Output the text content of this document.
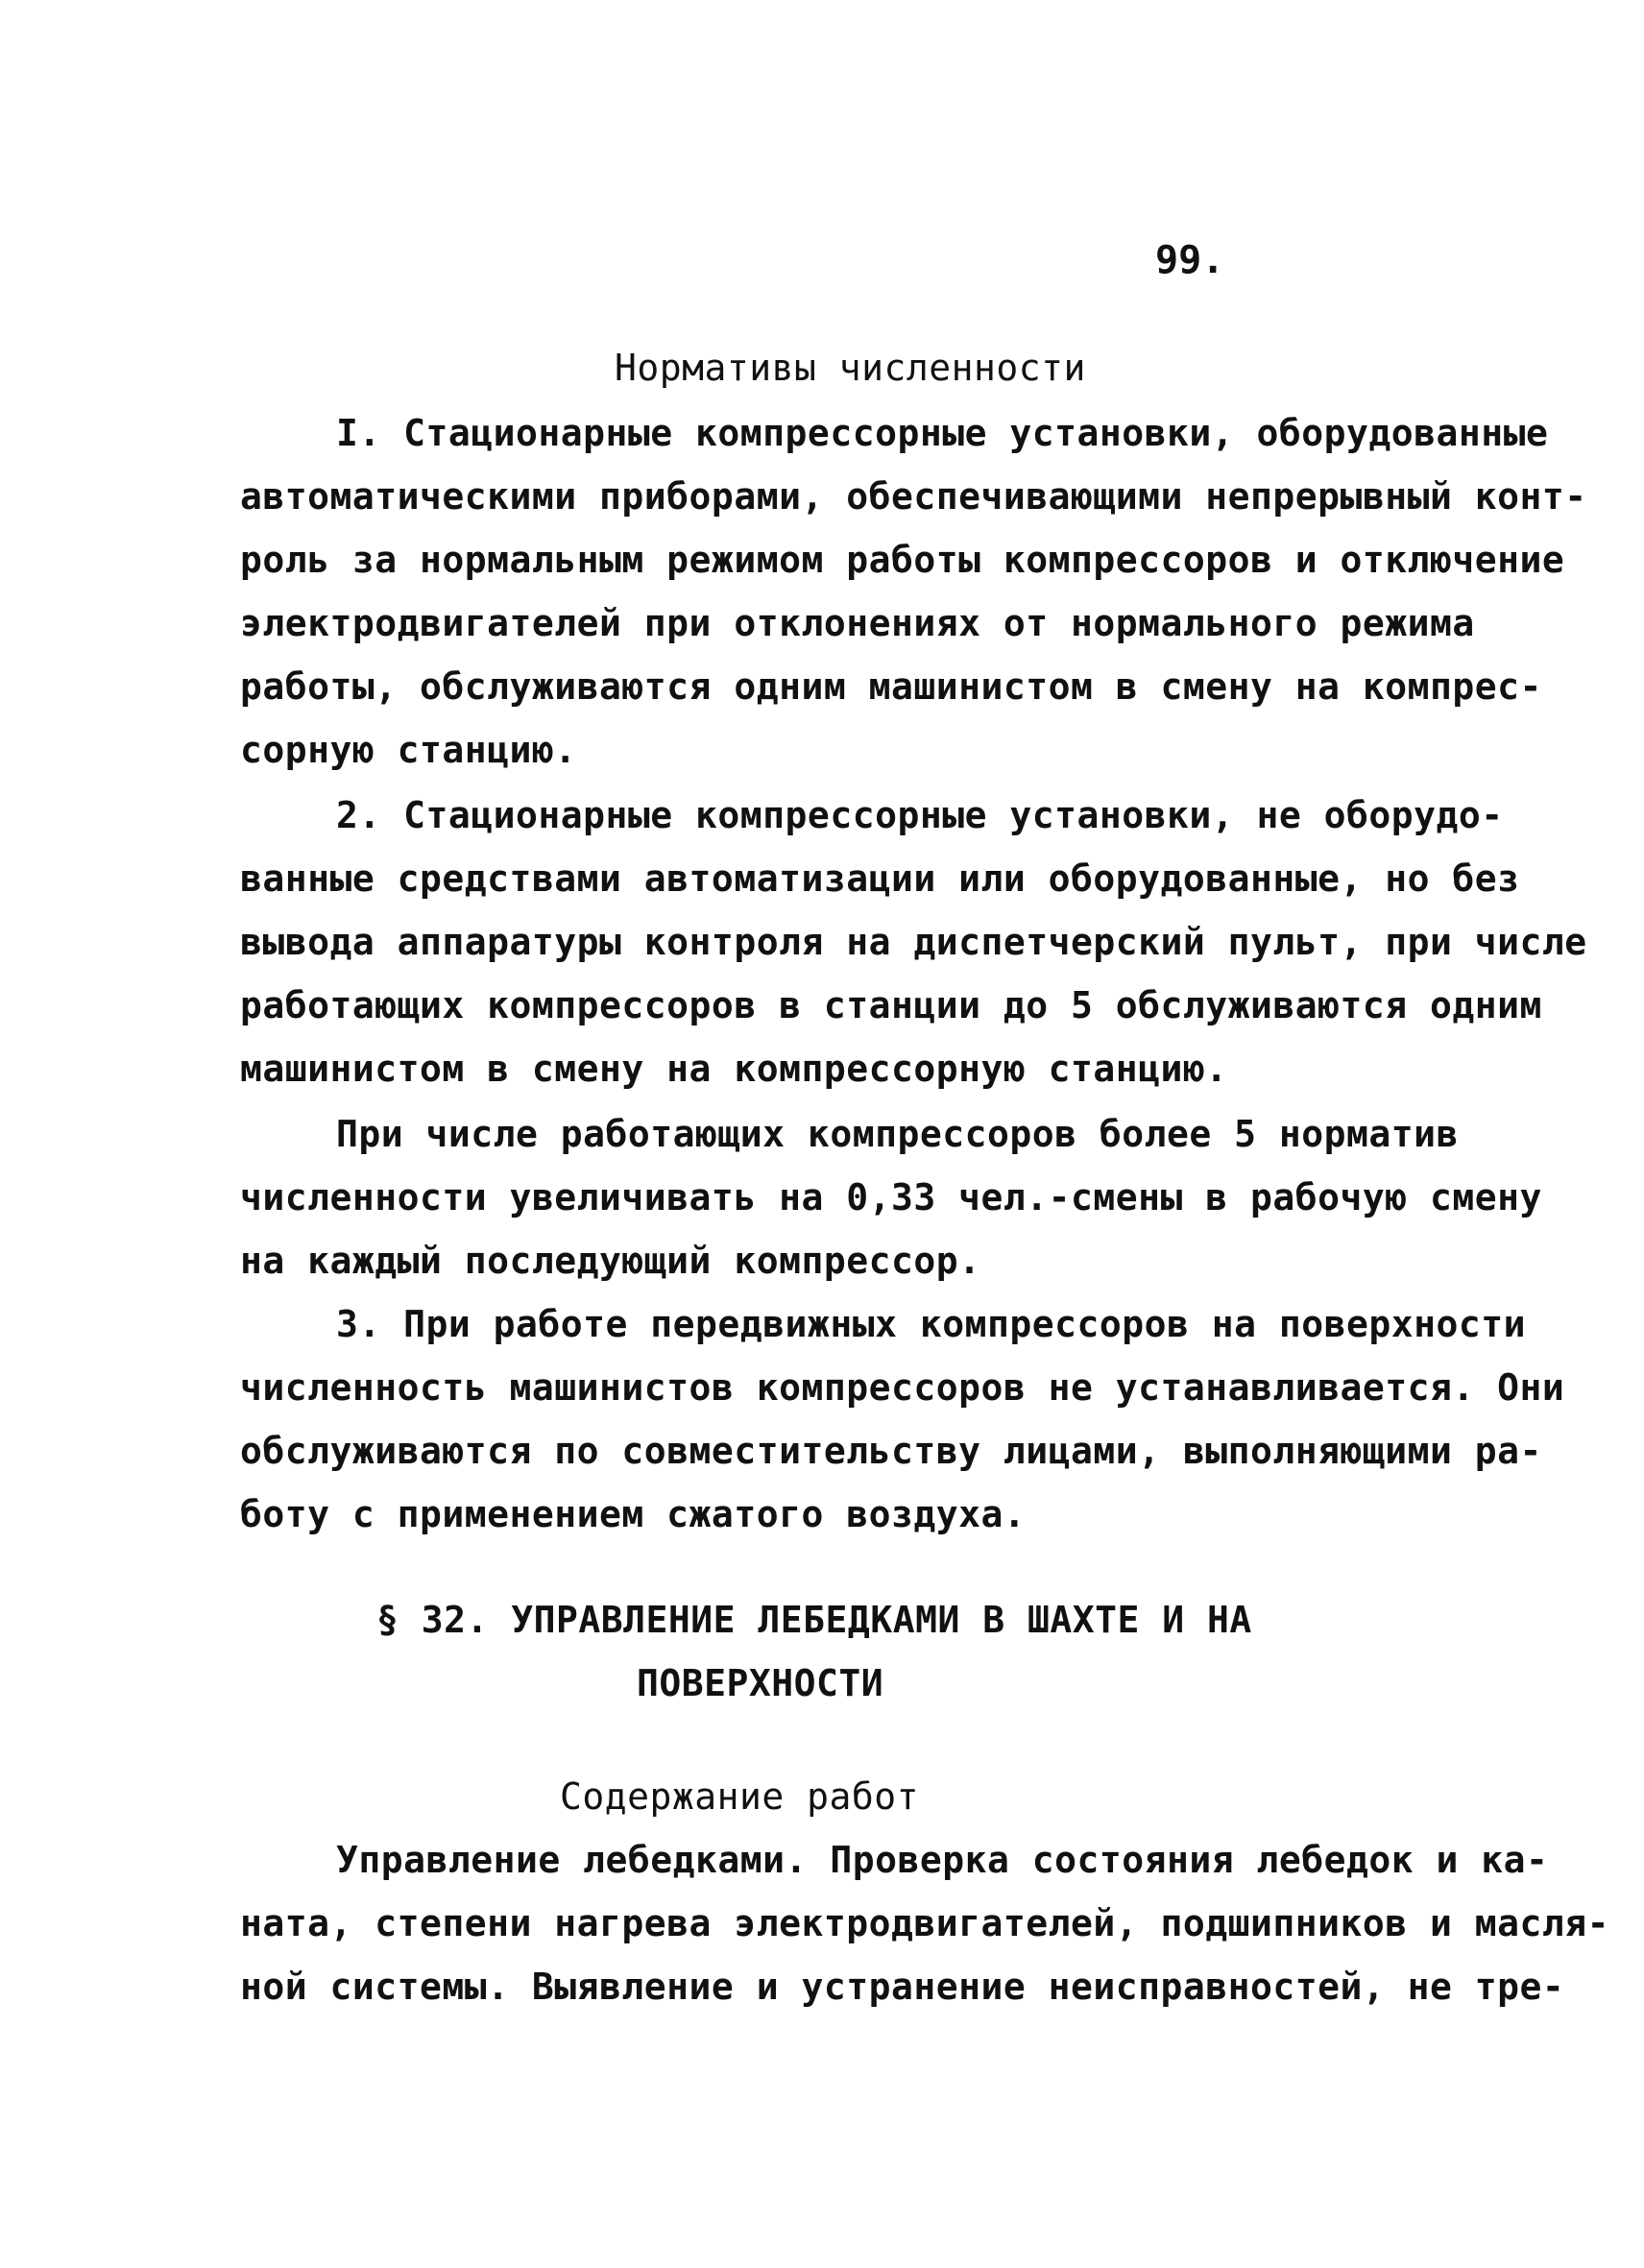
99.
Нормативы численности
I. Стационарные компрессорные установки, оборудованные
автоматическими приборами, обеспечивающими непрерывный конт-
роль за нормальным режимом работы компрессоров и отключение
электродвигателей при отклонениях от нормального режима
работы, обслуживаются одним машинистом в смену на компрес-
сорную станцию.
2. Стационарные компрессорные установки, не оборудо-
ванные средствами автоматизации или оборудованные, но без
вывода аппаратуры контроля на диспетчерский пульт, при числе
работающих компрессоров в станции до 5 обслуживаются одним
машинистом в смену на компрессорную станцию.
При числе работающих компрессоров более 5 норматив
численности увеличивать на 0,33 чел.-смены в рабочую смену
на каждый последующий компрессор.
3. При работе передвижных компрессоров на поверхности
численность машинистов компрессоров не устанавливается. Они
обслуживаются по совместительству лицами, выполняющими ра-
боту с применением сжатого воздуха.
§ 32. УПРАВЛЕНИЕ ЛЕБЕДКАМИ В ШАХТЕ И НА
ПОВЕРХНОСТИ
Содержание работ
Управление лебедками. Проверка состояния лебедок и ка-
ната, степени нагрева электродвигателей, подшипников и масля-
ной системы. Выявление и устранение неисправностей, не тре-
